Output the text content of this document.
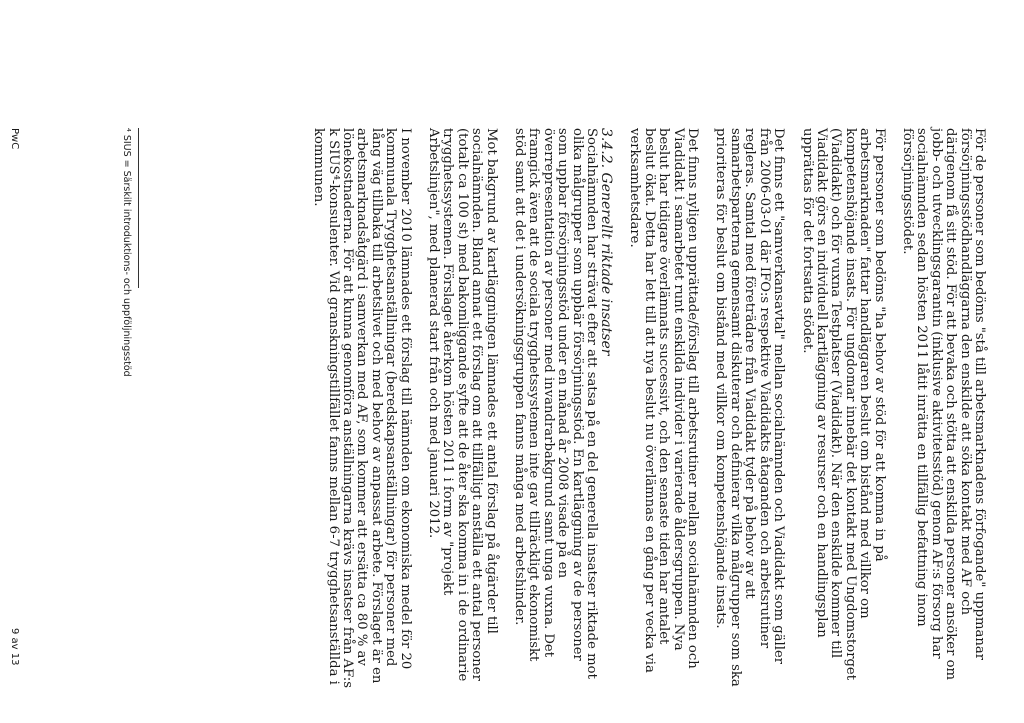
För de personer som bedöms "stå till arbetsmarknadens förfogande" uppmanar försörjningsstödhandläggarna den enskilde att söka kontakt med AF och därigenom få sitt stöd. För att bevaka och stötta att enskilda personer ansöker om jobb- och utvecklingsgarantin (inklusive aktivitetsstöd) genom AF:s försorg har socialnämnden sedan hösten 2011 låtit inrätta en tillfällig befattning inom försörjningsstödet.

För personer som bedöms "ha behov av stöd för att komma in på arbetsmarknaden" fattar handläggaren beslut om bistånd med villkor om kompetenshöjande insats. För ungdomar innebär det kontakt med Ungdomstorget (Viadidakt) och för vuxna Testplatser (Viadidakt). När den enskilde kommer till Viadidakt görs en individuell kartläggning av resurser och en handlingsplan upprättas för det fortsatta stödet.

Det finns ett "samverkansavtal" mellan socialnämnden och Viadidakt som gäller från 2006-03-01 där IFO:s respektive Viadidakts åtaganden och arbetsrutiner regleras. Samtal med företrädare från Viadidakt tyder på behov av att samarbetsparterna gemensamt diskuterar och definierar vilka målgrupper som ska prioriteras för beslut om bistånd med villkor om kompetenshöjande insats.

Det finns nyligen upprättade/förslag till arbetsrutiner mellan socialnämnden och Viadidakt i samarbetet runt enskilda individer i varierade åldersgruppen. Nya beslut har tidigare överlämnats successivt, och den senaste tiden har antalet beslut ökat. Detta har lett till att nya beslut nu överlämnas en gång per vecka via verksamhetsdare.

3.4.2. Generellt riktade insatser

Socialnämnden har strävat efter att satsa på en del generella insatser riktade mot olika målgrupper som uppbär försörjningsstöd. En kartläggning av de personer som uppbar försörjningsstöd under en månad år 2008 visade på en överrepresentation av personer med invandrarbakgrund samt unga vuxna. Det framgick även att de sociala trygghetssystemen inte gav tillräckligt ekonomiskt stöd samt att det i undersökningsgruppen fanns många med arbetshinder.

Mot bakgrund av kartläggningen lämnades ett antal förslag på åtgärder till socialnämnden. Bland annat ett förslag om att tillfälligt anställa ett antal personer (totalt ca 100 st) med bakomliggande syfte att de åter ska komma in i de ordinarie trygghetssystemen. Förslaget återkom hösten 2011 i form av "projekt Arbetslinjen", med planerad start från och med januari 2012.

I november 2010 lämnades ett förslag till nämnden om ekonomiska medel för 20 kommunala Trygghetsanställningar (beredskapsanställningar) för personer med lång väg tillbaka till arbetslivet och med behov av anpassat arbete. Förslaget är en arbetsmarknadsåtgärd i samverkan med AF, som kommer att ersätta ca 80 % av lönekostnaderna. För att kunna genomföra anställningarna krävs insatser från AF:s k SIUS⁴-konsulenter. Vid granskningstillfället fanns mellan 6-7 trygghetsanställda i kommunen.

⁴ SIUS = Särskilt introduktions- och uppföljningsstöd
PwC
9 av 13
